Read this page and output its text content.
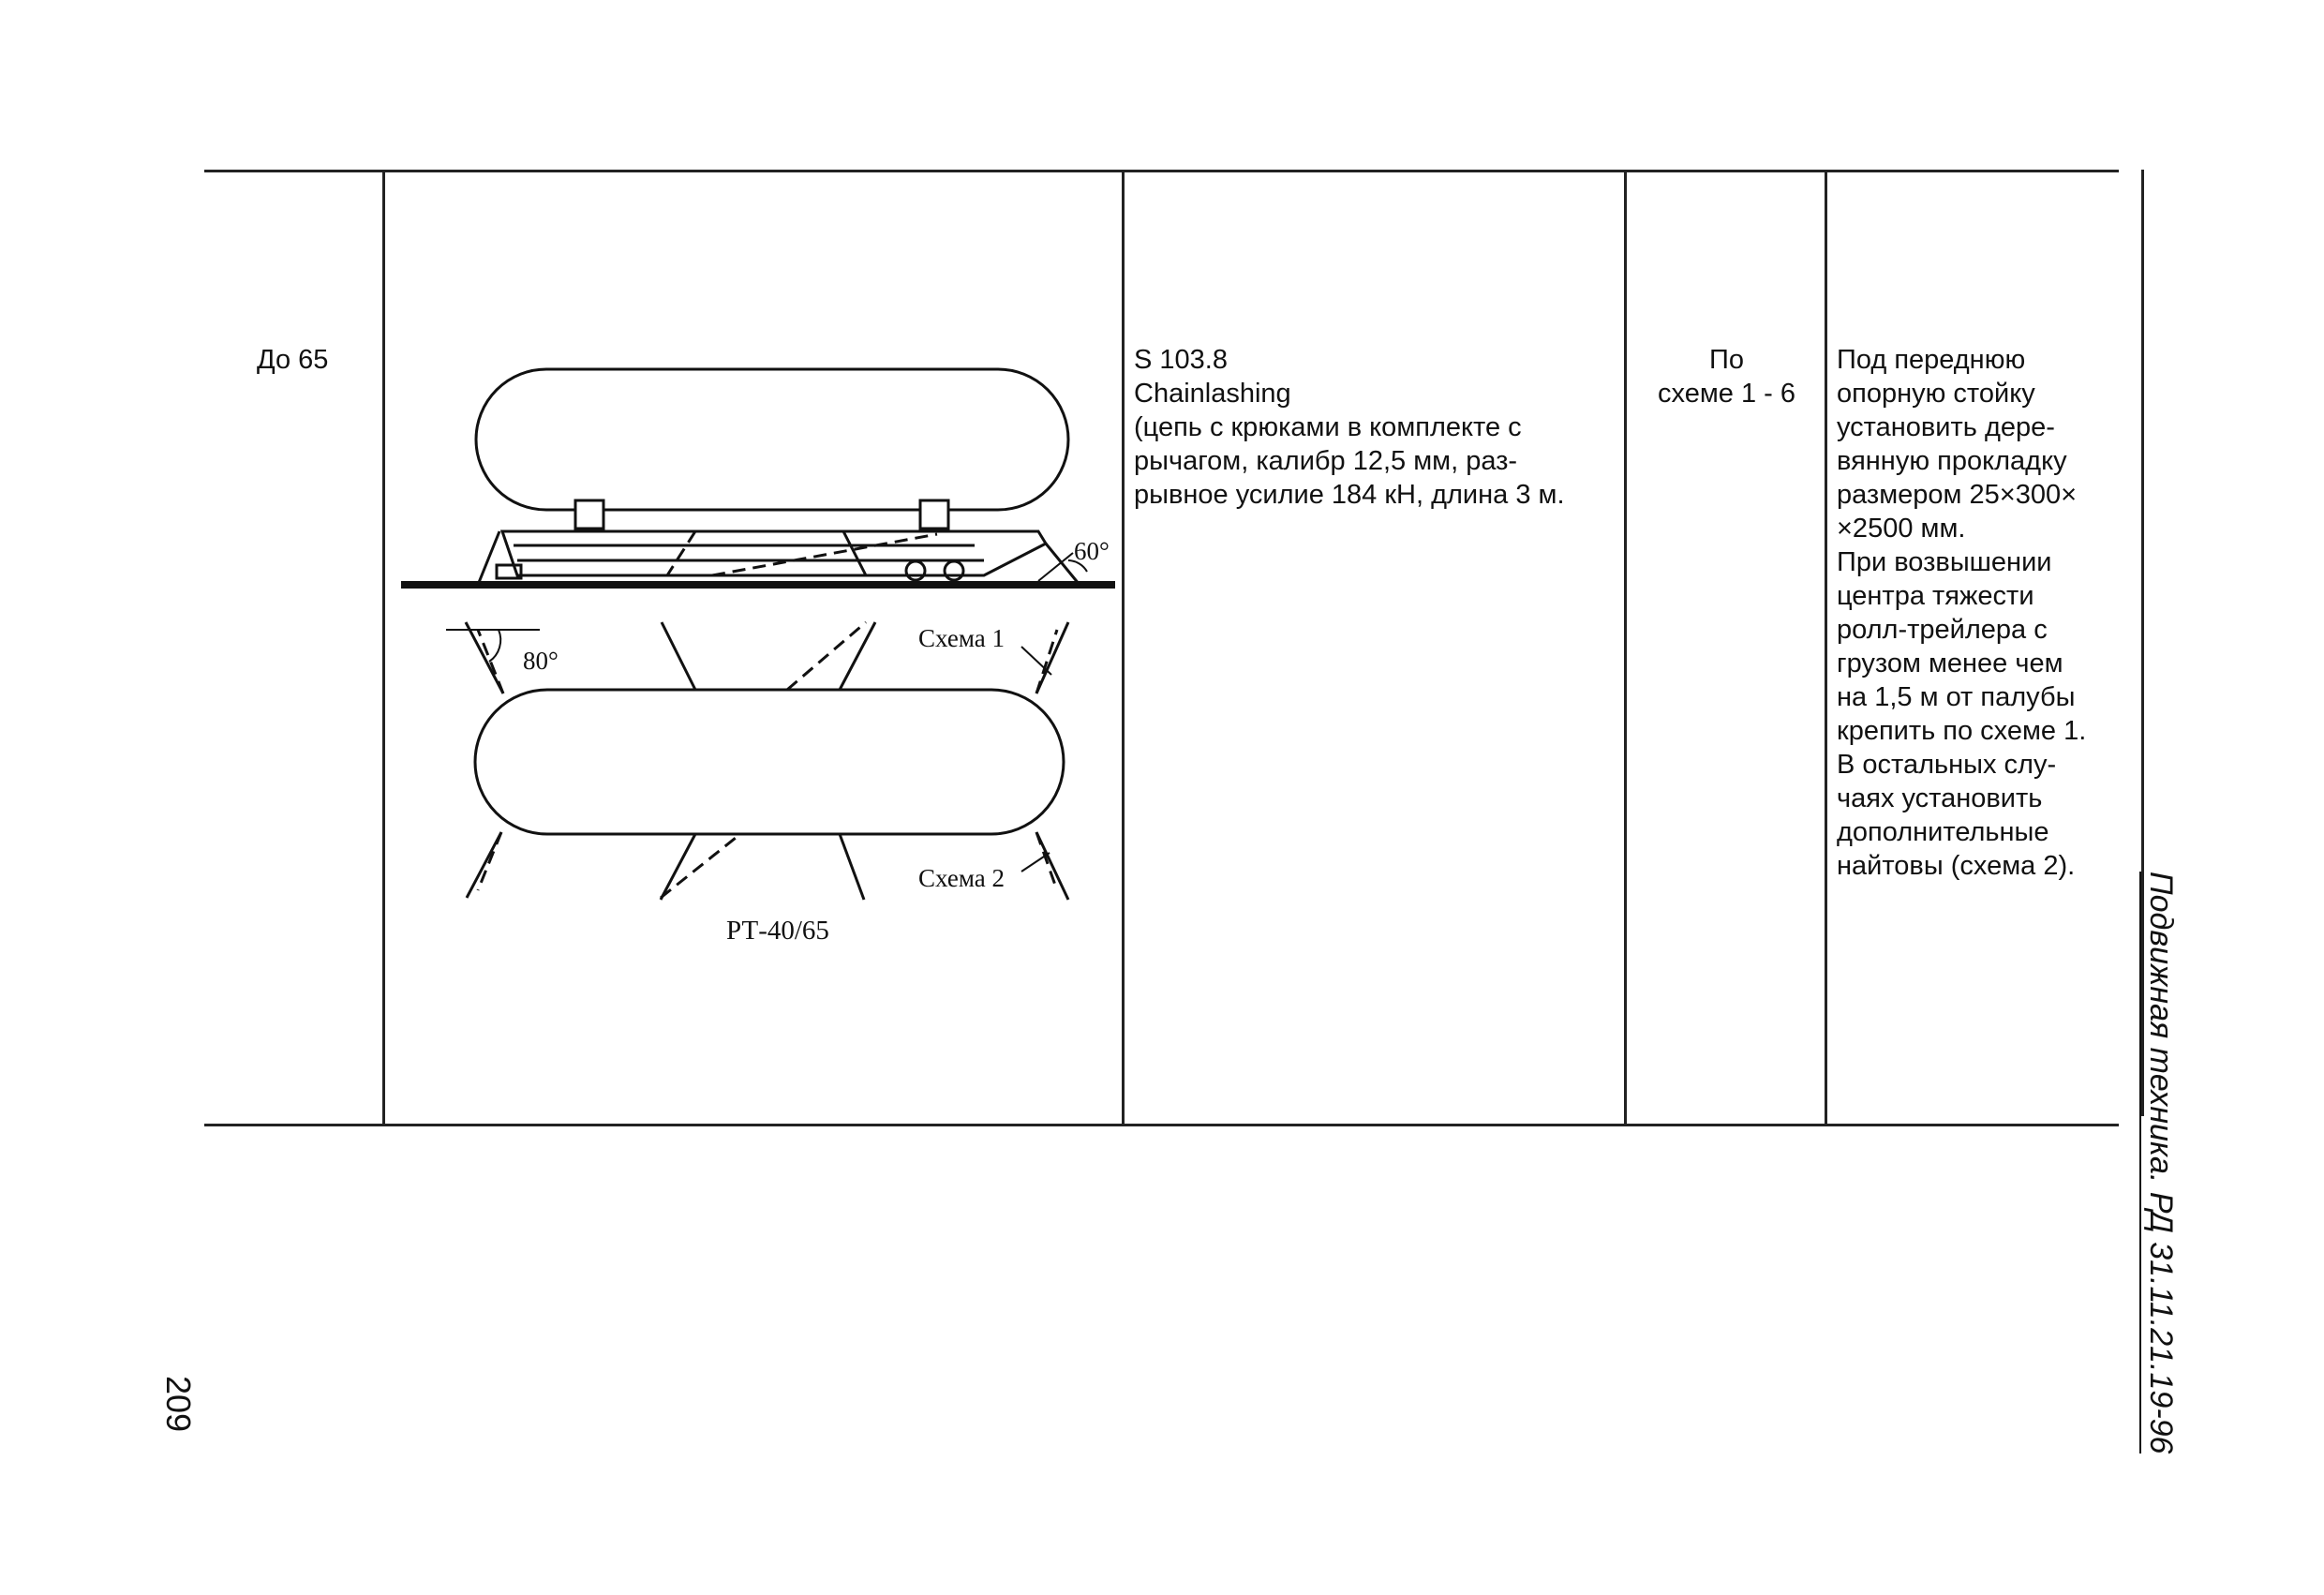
До 65
60°
80°
Схема 1
Схема 2
РТ-40/65
S 103.8
Chainlashing
(цепь с крюками в комплекте с
рычагом, калибр 12,5 мм, раз-
рывное усилие 184 кН, длина 3 м.
По
схеме 1 - 6
Под переднюю
опорную стойку
установить дере-
вянную прокладку
размером 25×300×
×2500 мм.
При возвышении
центра тяжести
ролл-трейлера с
грузом менее чем
на 1,5 м от палубы
крепить по схеме 1.
В остальных слу-
чаях установить
дополнительные
найтовы (схема 2).
Подвижная техника. РД 31.11.21.19-96
209
